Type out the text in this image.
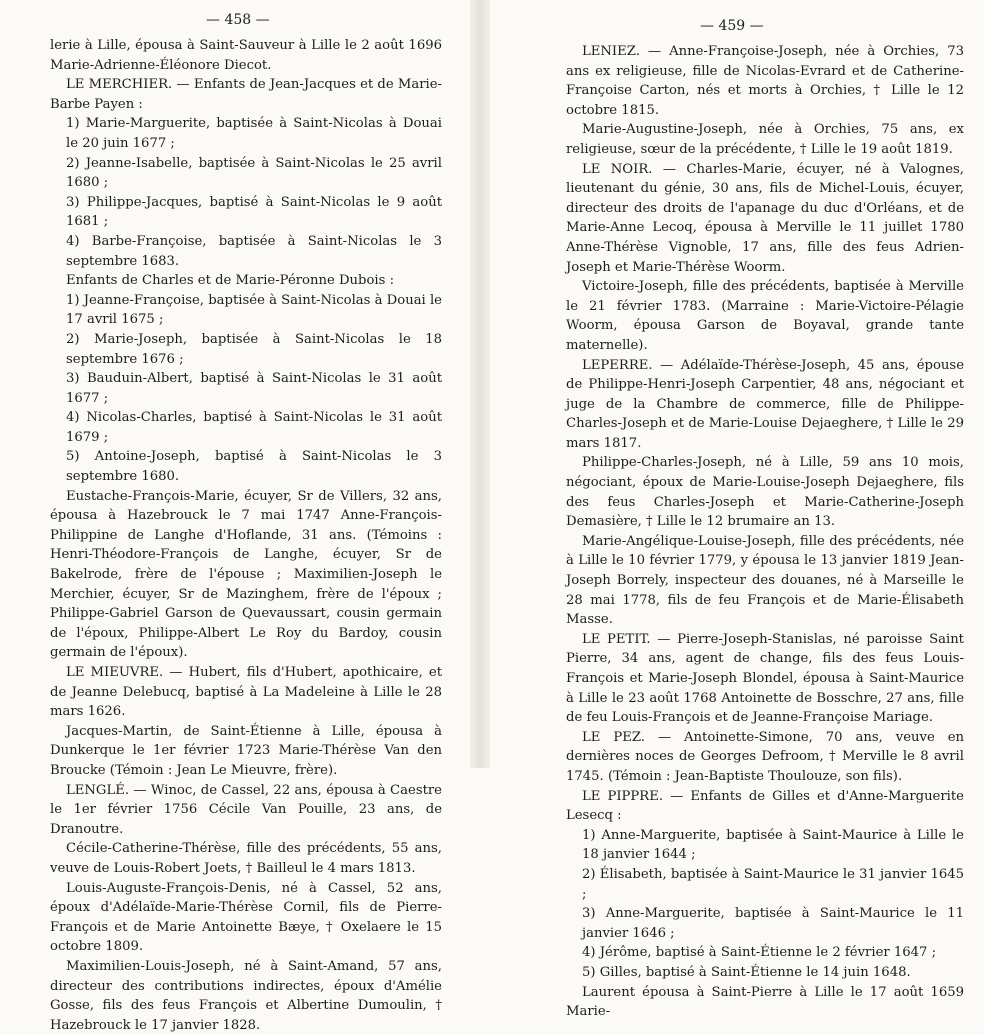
— 458 —

lerie à Lille, épousa à Saint-Sauveur à Lille le 2 août 1696 Marie-Adrienne-Éléonore Diecot.

LE MERCHIER. — Enfants de Jean-Jacques et de Marie-Barbe Payen :

1) Marie-Marguerite, baptisée à Saint-Nicolas à Douai le 20 juin 1677 ;

2) Jeanne-Isabelle, baptisée à Saint-Nicolas le 25 avril 1680 ;

3) Philippe-Jacques, baptisé à Saint-Nicolas le 9 août 1681 ;

4) Barbe-Françoise, baptisée à Saint-Nicolas le 3 septembre 1683.

Enfants de Charles et de Marie-Péronne Dubois :

1) Jeanne-Françoise, baptisée à Saint-Nicolas à Douai le 17 avril 1675 ;

2) Marie-Joseph, baptisée à Saint-Nicolas le 18 septembre 1676 ;

3) Bauduin-Albert, baptisé à Saint-Nicolas le 31 août 1677 ;

4) Nicolas-Charles, baptisé à Saint-Nicolas le 31 août 1679 ;

5) Antoine-Joseph, baptisé à Saint-Nicolas le 3 septembre 1680.

Eustache-François-Marie, écuyer, Sr de Villers, 32 ans, épousa à Hazebrouck le 7 mai 1747 Anne-François-Philippine de Langhe d'Hoflande, 31 ans. (Témoins : Henri-Théodore-François de Langhe, écuyer, Sr de Bakelrode, frère de l'épouse ; Maximilien-Joseph le Merchier, écuyer, Sr de Mazinghem, frère de l'époux ; Philippe-Gabriel Garson de Quevaussart, cousin germain de l'époux, Philippe-Albert Le Roy du Bardoy, cousin germain de l'époux).

LE MIEUVRE. — Hubert, fils d'Hubert, apothicaire, et de Jeanne Delebucq, baptisé à La Madeleine à Lille le 28 mars 1626.

Jacques-Martin, de Saint-Étienne à Lille, épousa à Dunkerque le 1er février 1723 Marie-Thérèse Van den Broucke (Témoin : Jean Le Mieuvre, frère).

LENGLÉ. — Winoc, de Cassel, 22 ans, épousa à Caestre le 1er février 1756 Cécile Van Pouille, 23 ans, de Dranoutre.

Cécile-Catherine-Thérèse, fille des précédents, 55 ans, veuve de Louis-Robert Joets, † Bailleul le 4 mars 1813.

Louis-Auguste-François-Denis, né à Cassel, 52 ans, époux d'Adélaïde-Marie-Thérèse Cornil, fils de Pierre-François et de Marie Antoinette Bæye, † Oxelaere le 15 octobre 1809.

Maximilien-Louis-Joseph, né à Saint-Amand, 57 ans, directeur des contributions indirectes, époux d'Amélie Gosse, fils des feus François et Albertine Dumoulin, † Hazebrouck le 17 janvier 1828.

— 459 —

LENIEZ. — Anne-Françoise-Joseph, née à Orchies, 73 ans ex religieuse, fille de Nicolas-Evrard et de Catherine-Françoise Carton, nés et morts à Orchies, † Lille le 12 octobre 1815.

Marie-Augustine-Joseph, née à Orchies, 75 ans, ex religieuse, sœur de la précédente, † Lille le 19 août 1819.

LE NOIR. — Charles-Marie, écuyer, né à Valognes, lieutenant du génie, 30 ans, fils de Michel-Louis, écuyer, directeur des droits de l'apanage du duc d'Orléans, et de Marie-Anne Lecoq, épousa à Merville le 11 juillet 1780 Anne-Thérèse Vignoble, 17 ans, fille des feus Adrien-Joseph et Marie-Thérèse Woorm.

Victoire-Joseph, fille des précédents, baptisée à Merville le 21 février 1783. (Marraine : Marie-Victoire-Pélagie Woorm, épousa Garson de Boyaval, grande tante maternelle).

LEPERRE. — Adélaïde-Thérèse-Joseph, 45 ans, épouse de Philippe-Henri-Joseph Carpentier, 48 ans, négociant et juge de la Chambre de commerce, fille de Philippe-Charles-Joseph et de Marie-Louise Dejaeghere, † Lille le 29 mars 1817.

Philippe-Charles-Joseph, né à Lille, 59 ans 10 mois, négociant, époux de Marie-Louise-Joseph Dejaeghere, fils des feus Charles-Joseph et Marie-Catherine-Joseph Demasière, † Lille le 12 brumaire an 13.

Marie-Angélique-Louise-Joseph, fille des précédents, née à Lille le 10 février 1779, y épousa le 13 janvier 1819 Jean-Joseph Borrely, inspecteur des douanes, né à Marseille le 28 mai 1778, fils de feu François et de Marie-Élisabeth Masse.

LE PETIT. — Pierre-Joseph-Stanislas, né paroisse Saint Pierre, 34 ans, agent de change, fils des feus Louis-François et Marie-Joseph Blondel, épousa à Saint-Maurice à Lille le 23 août 1768 Antoinette de Bosschre, 27 ans, fille de feu Louis-François et de Jeanne-Françoise Mariage.

LE PEZ. — Antoinette-Simone, 70 ans, veuve en dernières noces de Georges Defroom, † Merville le 8 avril 1745. (Témoin : Jean-Baptiste Thoulouze, son fils).

LE PIPPRE. — Enfants de Gilles et d'Anne-Marguerite Lesecq :

1) Anne-Marguerite, baptisée à Saint-Maurice à Lille le 18 janvier 1644 ;

2) Élisabeth, baptisée à Saint-Maurice le 31 janvier 1645 ;

3) Anne-Marguerite, baptisée à Saint-Maurice le 11 janvier 1646 ;

4) Jérôme, baptisé à Saint-Étienne le 2 février 1647 ;

5) Gilles, baptisé à Saint-Étienne le 14 juin 1648.

Laurent épousa à Saint-Pierre à Lille le 17 août 1659 Marie-
